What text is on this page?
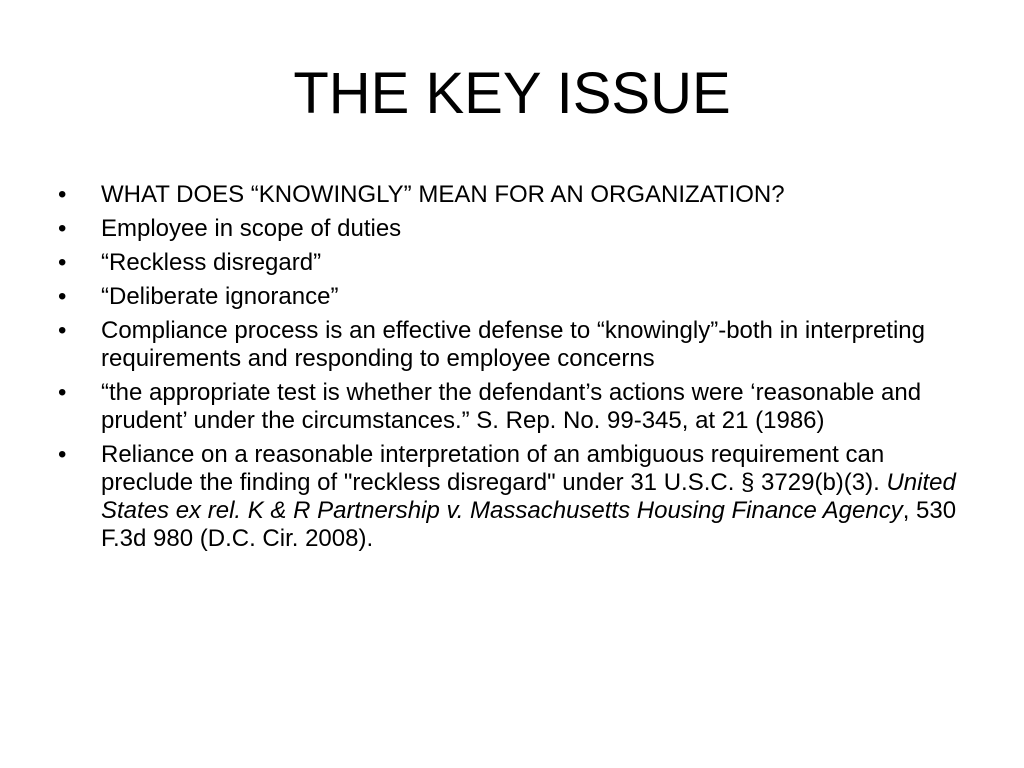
THE KEY ISSUE
• WHAT DOES “KNOWINGLY” MEAN FOR AN ORGANIZATION?
• Employee in scope of duties
• “Reckless disregard”
• “Deliberate ignorance”
• Compliance process is an effective defense to “knowingly”-both in interpreting requirements and responding to employee concerns
• “the appropriate test is whether the defendant’s actions were ‘reasonable and prudent’ under the circumstances.” S. Rep. No. 99-345, at 21 (1986)
• Reliance on a reasonable interpretation of an ambiguous requirement can preclude the finding of "reckless disregard" under 31 U.S.C. § 3729(b)(3). United States ex rel. K & R Partnership v. Massachusetts Housing Finance Agency, 530 F.3d 980 (D.C. Cir. 2008).
